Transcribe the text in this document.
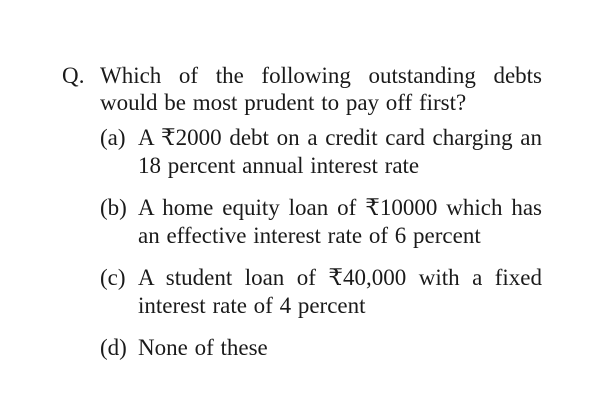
Q. Which of the following outstanding debts would be most prudent to pay off first?
(a) A ₹2000 debt on a credit card charging an 18 percent annual interest rate
(b) A home equity loan of ₹10000 which has an effective interest rate of 6 percent
(c) A student loan of ₹40,000 with a fixed interest rate of 4 percent
(d) None of these
